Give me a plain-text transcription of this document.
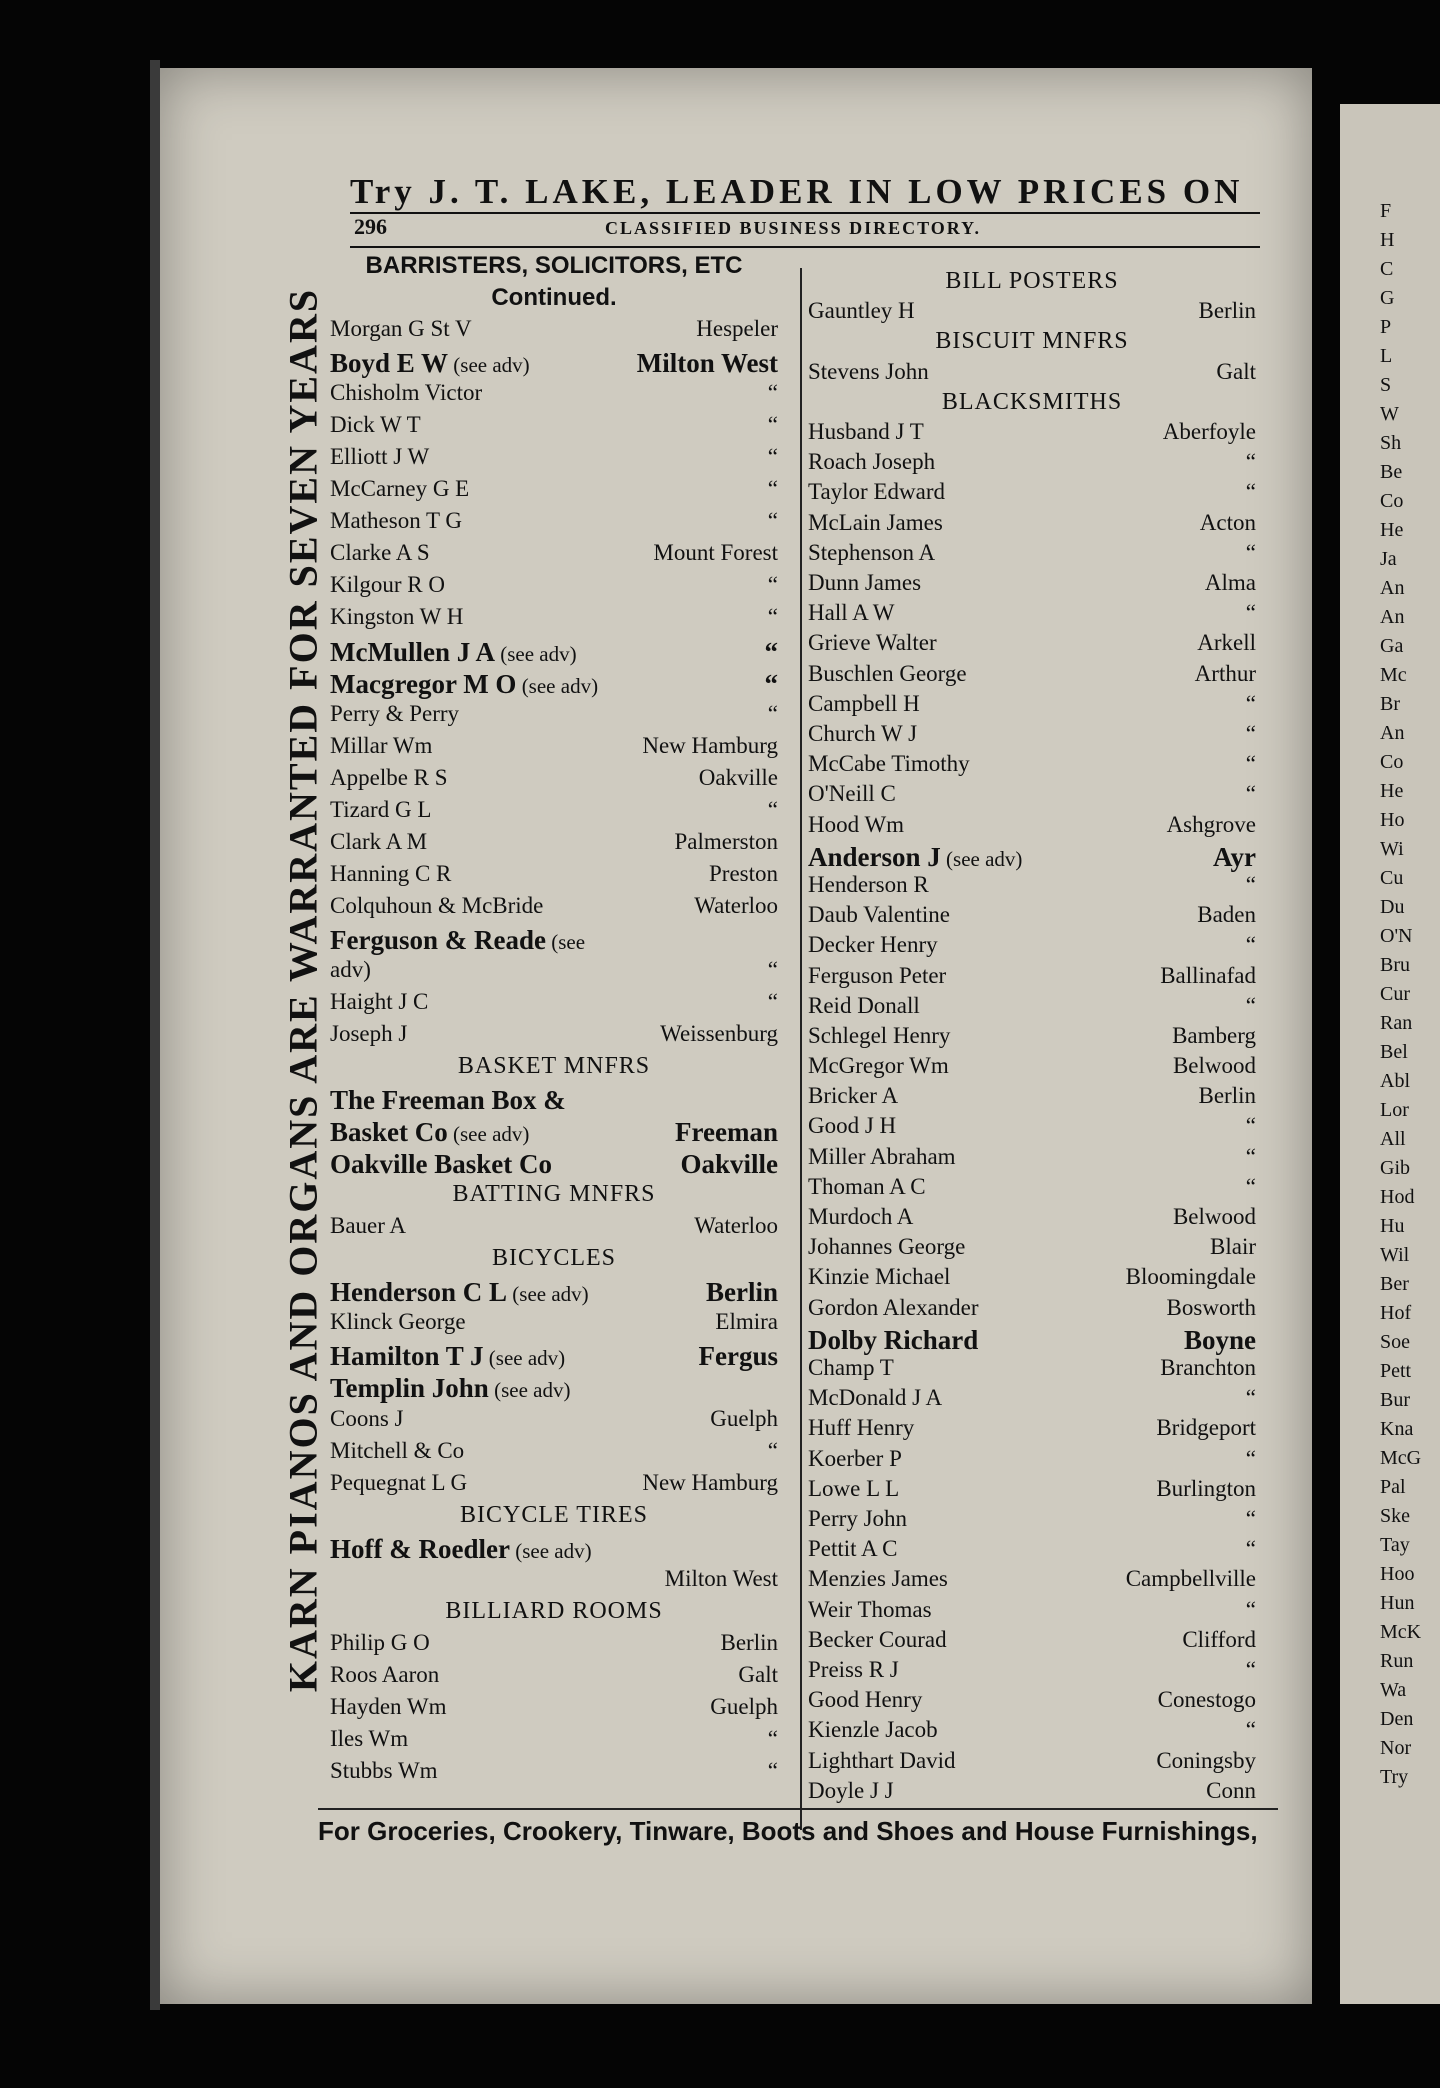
F
H
C
G
P
L
S
W
Sh
Be
Co
He
Ja
An
An
Ga
Mc
Br
An
Co
He
Ho
Wi
Cu
Du
O'N
Bru
Cur
Ran
Bel
Abl
Lor
All
Gib
Hod
Hu
Wil
Ber
Hof
Soe
Pett
Bur
Kna
McG
Pal
Ske
Tay
Hoo
Hun
McK
Run
Wa
Den
Nor
Try
KARN PIANOS AND ORGANS ARE WARRANTED FOR SEVEN YEARS
Try J. T. LAKE, LEADER IN LOW PRICES ON
296	CLASSIFIED BUSINESS DIRECTORY.
BARRISTERS, SOLICITORS, ETC
Continued.
Morgan G St V	Hespeler
Boyd E W (see adv)	Milton West
Chisholm Victor	“
Dick W T	“
Elliott J W	“
McCarney G E	“
Matheson T G	“
Clarke A S	Mount Forest
Kilgour R O	“
Kingston W H	“
McMullen J A (see adv)	“
Macgregor M O (see adv)	“
Perry & Perry	“
Millar Wm	New Hamburg
Appelbe R S	Oakville
Tizard G L	“
Clark A M	Palmerston
Hanning C R	Preston
Colquhoun & McBride	Waterloo
Ferguson & Reade (see
adv)	“
Haight J C	“
Joseph J	Weissenburg
BASKET MNFRS
The Freeman Box &
Basket Co (see adv)	Freeman
Oakville Basket Co	Oakville
BATTING MNFRS
Bauer A	Waterloo
BICYCLES
Henderson C L (see adv)	Berlin
Klinck George	Elmira
Hamilton T J (see adv)	Fergus
Templin John (see adv)
Coons J	Guelph
Mitchell & Co	“
Pequegnat L G	New Hamburg
BICYCLE TIRES
Hoff & Roedler (see adv)
Milton West
BILLIARD ROOMS
Philip G O	Berlin
Roos Aaron	Galt
Hayden Wm	Guelph
Iles Wm	“
Stubbs Wm	“
BILL POSTERS
Gauntley H	Berlin
BISCUIT MNFRS
Stevens John	Galt
BLACKSMITHS
Husband J T	Aberfoyle
Roach Joseph	“
Taylor Edward	“
McLain James	Acton
Stephenson A	“
Dunn James	Alma
Hall A W	“
Grieve Walter	Arkell
Buschlen George	Arthur
Campbell H	“
Church W J	“
McCabe Timothy	“
O'Neill C	“
Hood Wm	Ashgrove
Anderson J (see adv)	Ayr
Henderson R	“
Daub Valentine	Baden
Decker Henry	“
Ferguson Peter	Ballinafad
Reid Donall	“
Schlegel Henry	Bamberg
McGregor Wm	Belwood
Bricker A	Berlin
Good J H	“
Miller Abraham	“
Thoman A C	“
Murdoch A	Belwood
Johannes George	Blair
Kinzie Michael	Bloomingdale
Gordon Alexander	Bosworth
Dolby Richard	Boyne
Champ T	Branchton
McDonald J A	“
Huff Henry	Bridgeport
Koerber P	“
Lowe L L	Burlington
Perry John	“
Pettit A C	“
Menzies James	Campbellville
Weir Thomas	“
Becker Courad	Clifford
Preiss R J	“
Good Henry	Conestogo
Kienzle Jacob	“
Lighthart David	Coningsby
Doyle J J	Conn
For Groceries, Crookery, Tinware, Boots and Shoes and House Furnishings,
